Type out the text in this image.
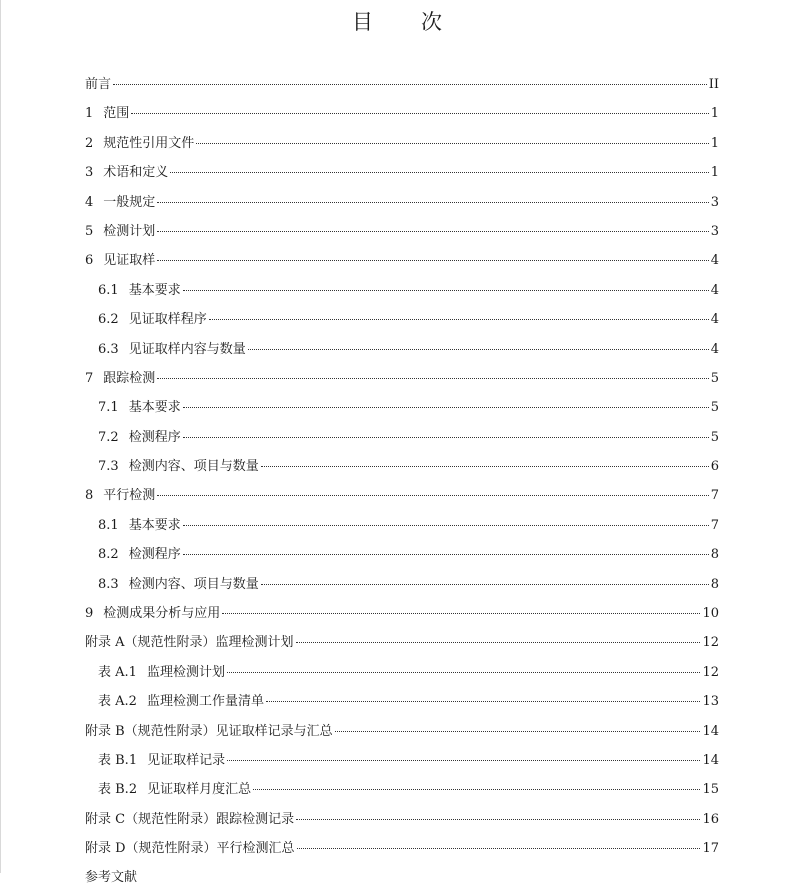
目 次
前言	II
1 范围	1
2 规范性引用文件	1
3 术语和定义	1
4 一般规定	3
5 检测计划	3
6 见证取样	4
6.1 基本要求	4
6.2 见证取样程序	4
6.3 见证取样内容与数量	4
7 跟踪检测	5
7.1 基本要求	5
7.2 检测程序	5
7.3 检测内容、项目与数量	6
8 平行检测	7
8.1 基本要求	7
8.2 检测程序	8
8.3 检测内容、项目与数量	8
9 检测成果分析与应用	10
附录 A（规范性附录）监理检测计划	12
表 A.1 监理检测计划	12
表 A.2 监理检测工作量清单	13
附录 B（规范性附录）见证取样记录与汇总	14
表 B.1 见证取样记录	14
表 B.2 见证取样月度汇总	15
附录 C（规范性附录）跟踪检测记录	16
附录 D（规范性附录）平行检测汇总	17
参考文献
